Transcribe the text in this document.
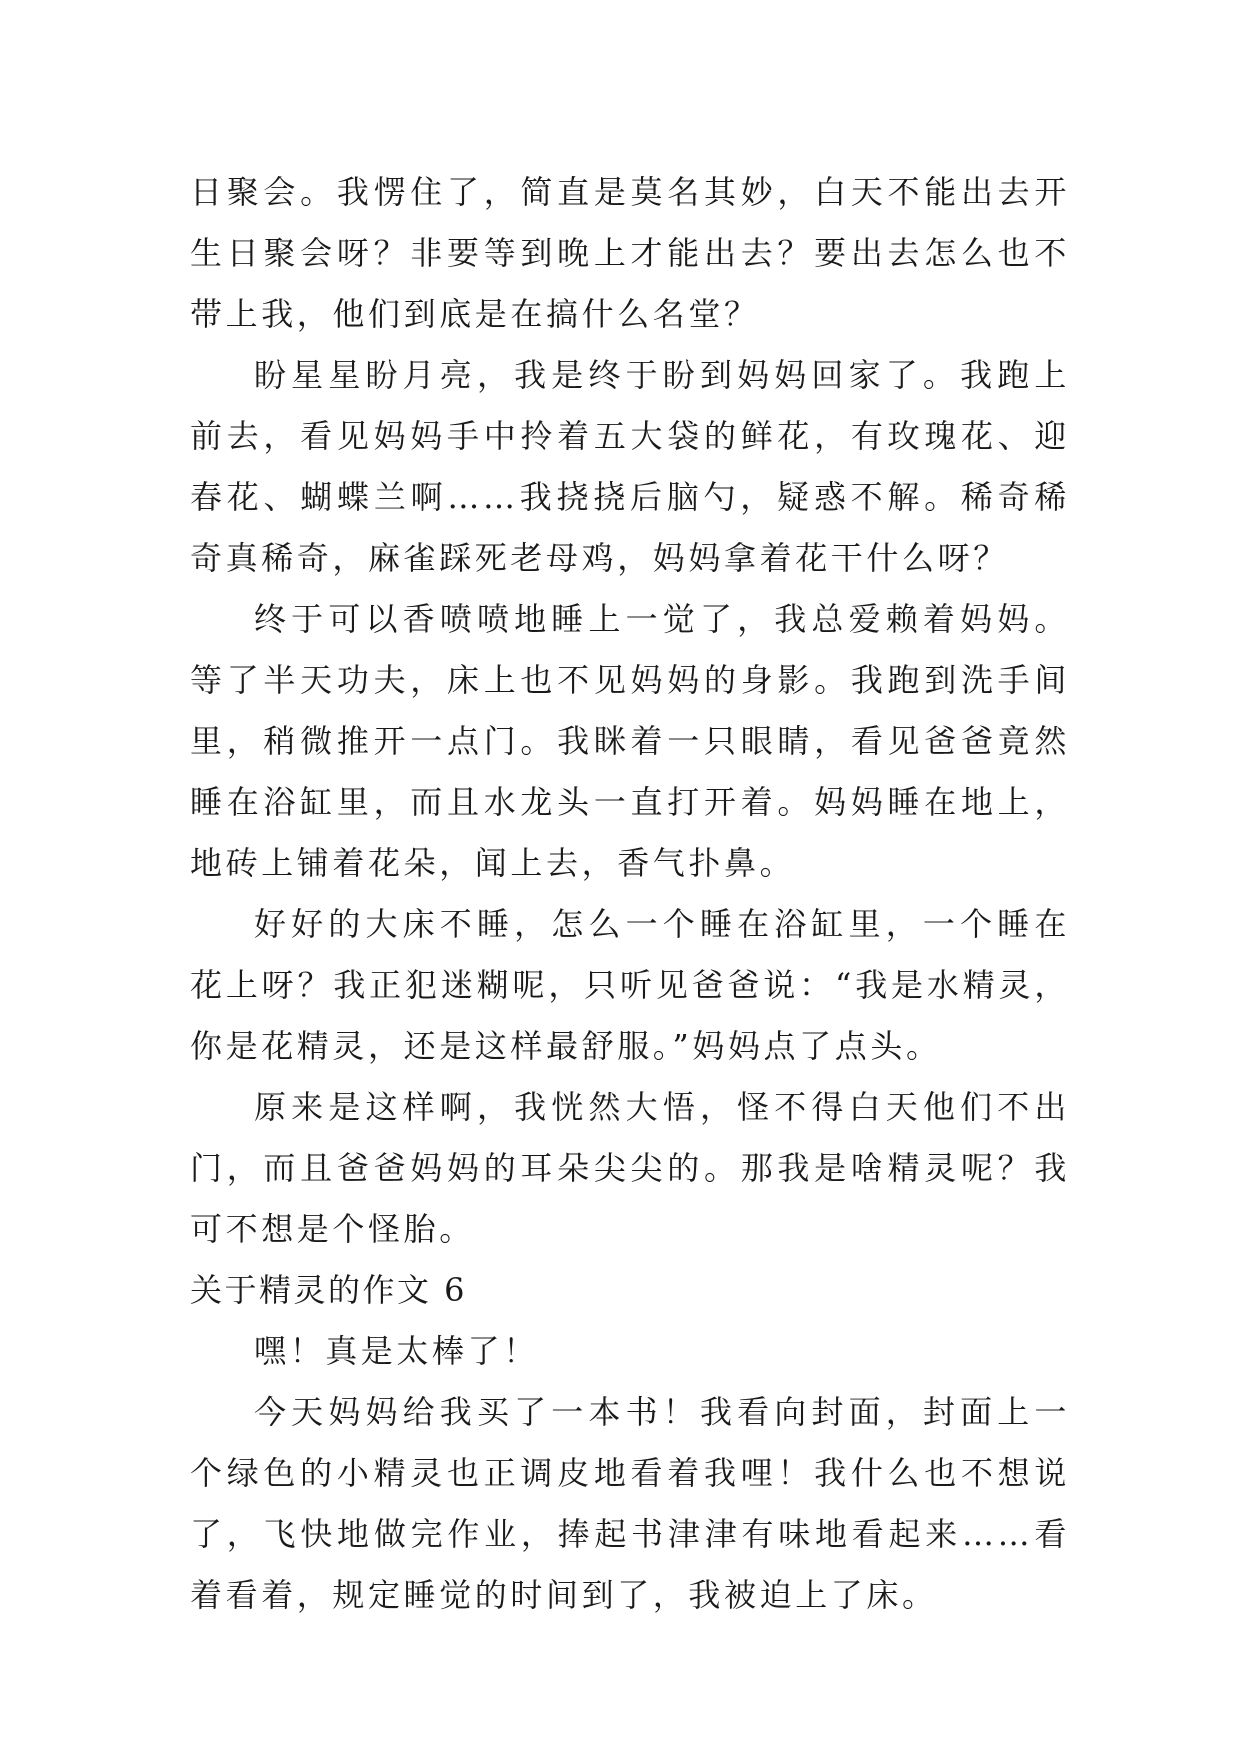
日聚会。我愣住了，简直是莫名其妙，白天不能出去开生日聚会呀？非要等到晚上才能出去？要出去怎么也不带上我，他们到底是在搞什么名堂？

盼星星盼月亮，我是终于盼到妈妈回家了。我跑上前去，看见妈妈手中拎着五大袋的鲜花，有玫瑰花、迎春花、蝴蝶兰啊……我挠挠后脑勺，疑惑不解。稀奇稀奇真稀奇，麻雀踩死老母鸡，妈妈拿着花干什么呀？

终于可以香喷喷地睡上一觉了，我总爱赖着妈妈。等了半天功夫，床上也不见妈妈的身影。我跑到洗手间里，稍微推开一点门。我眯着一只眼睛，看见爸爸竟然睡在浴缸里，而且水龙头一直打开着。妈妈睡在地上，地砖上铺着花朵，闻上去，香气扑鼻。

好好的大床不睡，怎么一个睡在浴缸里，一个睡在花上呀？我正犯迷糊呢，只听见爸爸说：“我是水精灵，你是花精灵，还是这样最舒服。”妈妈点了点头。

原来是这样啊，我恍然大悟，怪不得白天他们不出门，而且爸爸妈妈的耳朵尖尖的。那我是啥精灵呢？我可不想是个怪胎。

关于精灵的作文 6

嘿！真是太棒了！

今天妈妈给我买了一本书！我看向封面，封面上一个绿色的小精灵也正调皮地看着我哩！我什么也不想说了，飞快地做完作业，捧起书津津有味地看起来……看着看着，规定睡觉的时间到了，我被迫上了床。
